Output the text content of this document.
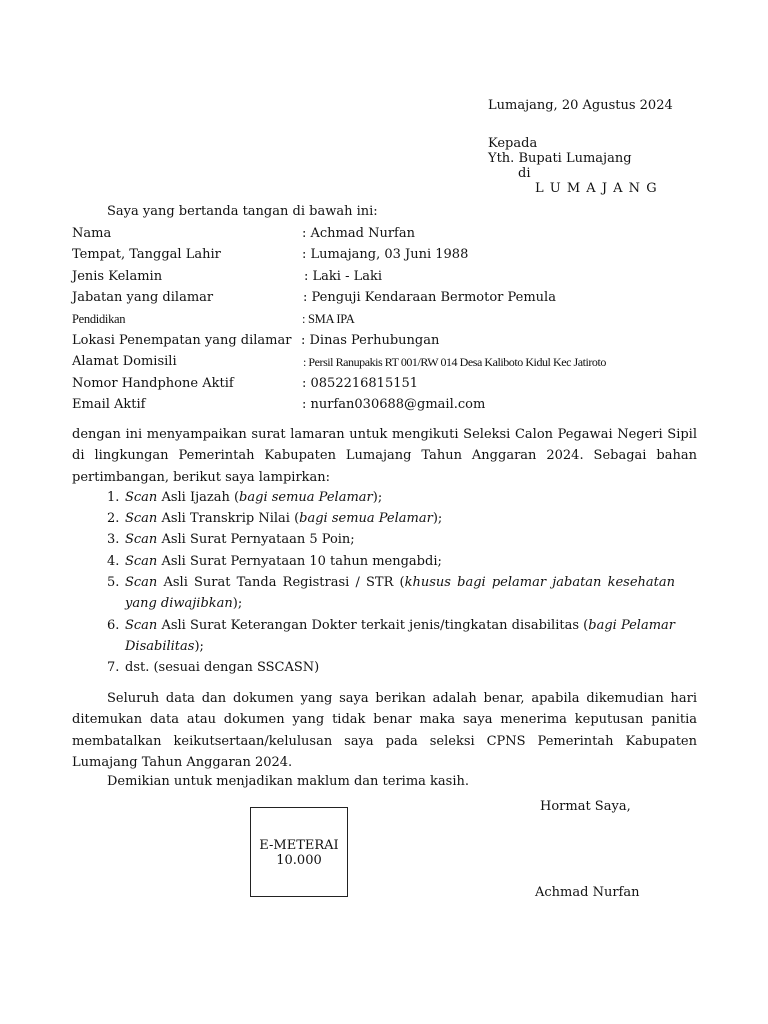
Lumajang, 20 Agustus 2024
Kepada
Yth. Bupati Lumajang
di
L U M A J A N G
Saya yang bertanda tangan di bawah ini:
Nama	: Achmad Nurfan
Tempat, Tanggal Lahir	: Lumajang, 03 Juni 1988
Jenis Kelamin	: Laki - Laki
Jabatan yang dilamar	: Penguji Kendaraan Bermotor Pemula
Pendidikan	: SMA IPA
Lokasi Penempatan yang dilamar : Dinas Perhubungan
Alamat Domisili	: Persil Ranupakis RT 001/RW 014 Desa Kaliboto Kidul Kec Jatiroto
Nomor Handphone Aktif	: 0852216815151
Email Aktif	: nurfan030688@gmail.com
dengan ini menyampaikan surat lamaran untuk mengikuti Seleksi Calon Pegawai Negeri Sipil di lingkungan Pemerintah Kabupaten Lumajang Tahun Anggaran 2024. Sebagai bahan pertimbangan, berikut saya lampirkan:
1. Scan Asli Ijazah (bagi semua Pelamar);
2. Scan Asli Transkrip Nilai (bagi semua Pelamar);
3. Scan Asli Surat Pernyataan 5 Poin;
4. Scan Asli Surat Pernyataan 10 tahun mengabdi;
5. Scan Asli Surat Tanda Registrasi / STR (khusus bagi pelamar jabatan kesehatan yang diwajibkan);
6. Scan Asli Surat Keterangan Dokter terkait jenis/tingkatan disabilitas (bagi Pelamar Disabilitas);
7. dst. (sesuai dengan SSCASN)
Seluruh data dan dokumen yang saya berikan adalah benar, apabila dikemudian hari ditemukan data atau dokumen yang tidak benar maka saya menerima keputusan panitia membatalkan keikutsertaan/kelulusan saya pada seleksi CPNS Pemerintah Kabupaten Lumajang Tahun Anggaran 2024.
Demikian untuk menjadikan maklum dan terima kasih.
Hormat Saya,
E-METERAI
10.000
Achmad Nurfan
